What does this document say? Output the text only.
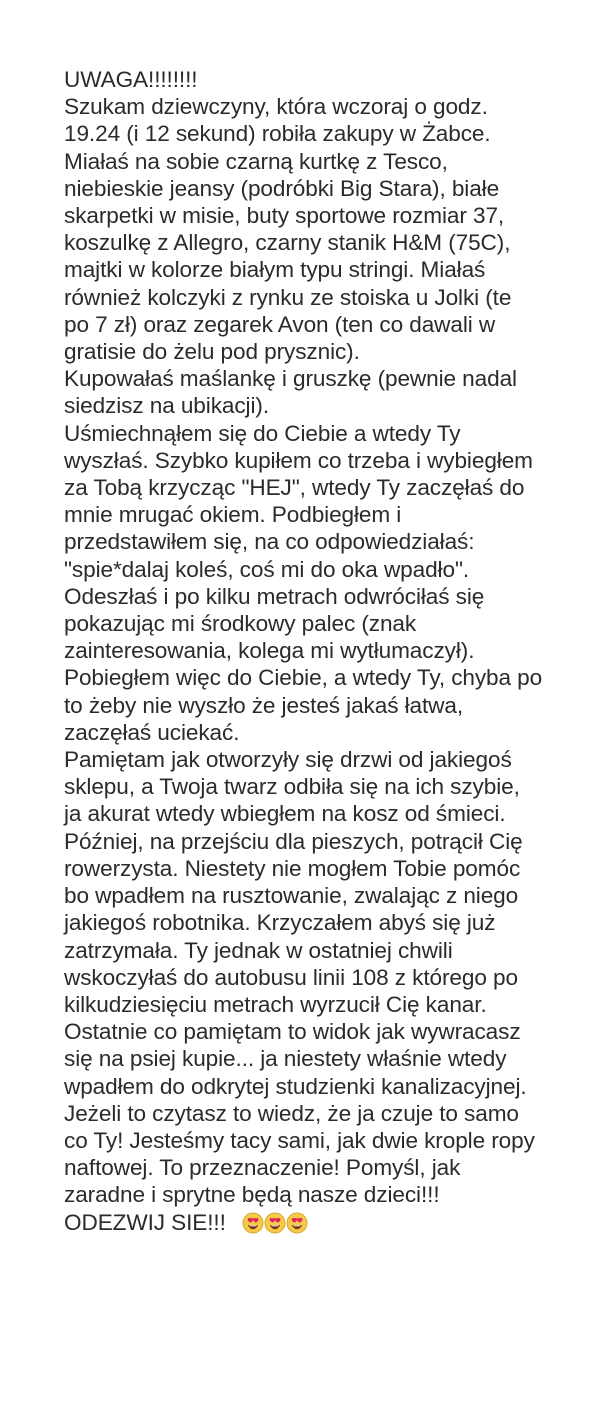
UWAGA!!!!!!!!
Szukam dziewczyny, która wczoraj o godz.
19.24 (i 12 sekund) robiła zakupy w Żabce.
Miałaś na sobie czarną kurtkę z Tesco,
niebieskie jeansy (podróbki Big Stara), białe
skarpetki w misie, buty sportowe rozmiar 37,
koszulkę z Allegro, czarny stanik H&M (75C),
majtki w kolorze białym typu stringi. Miałaś
również kolczyki z rynku ze stoiska u Jolki (te
po 7 zł) oraz zegarek Avon (ten co dawali w
gratisie do żelu pod prysznic).
Kupowałaś maślankę i gruszkę (pewnie nadal
siedzisz na ubikacji).
Uśmiechnąłem się do Ciebie a wtedy Ty
wyszłaś. Szybko kupiłem co trzeba i wybiegłem
za Tobą krzycząc "HEJ", wtedy Ty zaczęłaś do
mnie mrugać okiem. Podbiegłem i
przedstawiłem się, na co odpowiedziałaś:
"spie*dalaj koleś, coś mi do oka wpadło".
Odeszłaś i po kilku metrach odwróciłaś się
pokazując mi środkowy palec (znak
zainteresowania, kolega mi wytłumaczył).
Pobiegłem więc do Ciebie, a wtedy Ty, chyba po
to żeby nie wyszło że jesteś jakaś łatwa,
zaczęłaś uciekać.
Pamiętam jak otworzyły się drzwi od jakiegoś
sklepu, a Twoja twarz odbiła się na ich szybie,
ja akurat wtedy wbiegłem na kosz od śmieci.
Później, na przejściu dla pieszych, potrącił Cię
rowerzysta. Niestety nie mogłem Tobie pomóc
bo wpadłem na rusztowanie, zwalając z niego
jakiegoś robotnika. Krzyczałem abyś się już
zatrzymała. Ty jednak w ostatniej chwili
wskoczyłaś do autobusu linii 108 z którego po
kilkudziesięciu metrach wyrzucił Cię kanar.
Ostatnie co pamiętam to widok jak wywracasz
się na psiej kupie... ja niestety właśnie wtedy
wpadłem do odkrytej studzienki kanalizacyjnej.
Jeżeli to czytasz to wiedz, że ja czuje to samo
co Ty! Jesteśmy tacy sami, jak dwie krople ropy
naftowej. To przeznaczenie! Pomyśl, jak
zaradne i sprytne będą nasze dzieci!!!
ODEZWIJ SIE!!!
